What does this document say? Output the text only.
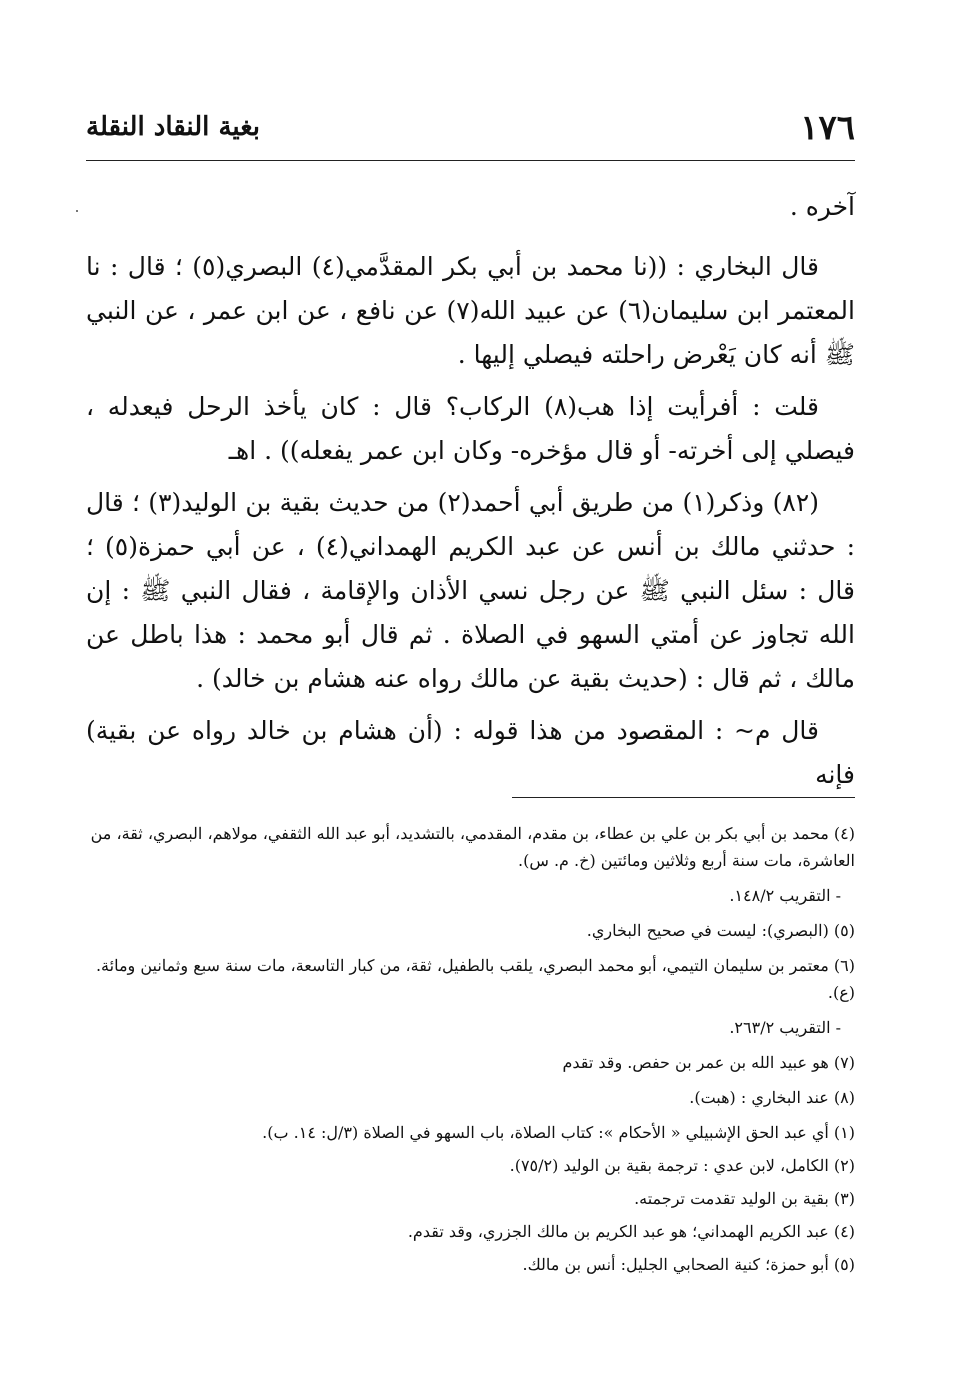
١٧٦
بغية النقاد النقلة

آخره .

قال البخاري : ((نا محمد بن أبي بكر المقدَّمي(٤) البصري(٥) ؛ قال : نا المعتمر ابن سليمان(٦) عن عبيد الله(٧) عن نافع ، عن ابن عمر ، عن النبي ﷺ أنه كان يَعْرض راحلته فيصلي إليها .

قلت : أفرأيت إذا هب(٨) الركاب؟ قال : كان يأخذ الرحل فيعدله ، فيصلي إلى أخرته- أو قال مؤخره- وكان ابن عمر يفعله)) . اهـ

(٨٢) وذكر(١) من طريق أبي أحمد(٢) من حديث بقية بن الوليد(٣) ؛ قال : حدثني مالك بن أنس عن عبد الكريم الهمداني(٤) ، عن أبي حمزة(٥) ؛ قال : سئل النبي ﷺ عن رجل نسي الأذان والإقامة ، فقال النبي ﷺ : إن الله تجاوز عن أمتي السهو في الصلاة . ثم قال أبو محمد : هذا باطل عن مالك ، ثم قال : (حديث بقية عن مالك رواه عنه هشام بن خالد) .

قال م~ : المقصود من هذا قوله : (أن هشام بن خالد رواه عن بقية) فإنه

(٤) محمد بن أبي بكر بن علي بن عطاء، بن مقدم، المقدمي، بالتشديد، أبو عبد الله الثقفي، مولاهم، البصري، ثقة، من العاشرة، مات سنة أربع وثلاثين ومائتين (خ. م. س).
- التقريب ١٤٨/٢.
(٥) (البصري): ليست في صحيح البخاري.
(٦) معتمر بن سليمان التيمي، أبو محمد البصري، يلقب بالطفيل، ثقة، من كبار التاسعة، مات سنة سبع وثمانين ومائة. (ع).
- التقريب ٢٦٣/٢.
(٧) هو عبيد الله بن عمر بن حفص. وقد تقدم
(٨) عند البخاري : (هبت).
(١) أي عبد الحق الإشبيلي « الأحكام »: كتاب الصلاة، باب السهو في الصلاة (٣/ل: ١٤. ب).
(٢) الكامل، لابن عدي : ترجمة بقية بن الوليد (٧٥/٢).
(٣) بقية بن الوليد تقدمت ترجمته.
(٤) عبد الكريم الهمداني؛ هو عبد الكريم بن مالك الجزري، وقد تقدم.
(٥) أبو حمزة؛ كنية الصحابي الجليل: أنس بن مالك.
